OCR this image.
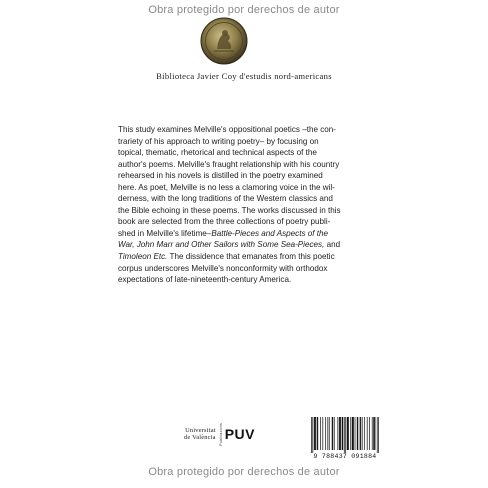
Obra protegido por derechos de autor
Biblioteca Javier Coy d'estudis nord-americans

This study examines Melville's oppositional poetics –the con-
trariety of his approach to writing poetry– by focusing on
topical, thematic, rhetorical and technical aspects of the
author's poems. Melville's fraught relationship with his country
rehearsed in his novels is distilled in the poetry examined
here. As poet, Melville is no less a clamoring voice in the wil-
derness, with the long traditions of the Western classics and
the Bible echoing in these poems. The works discussed in this
book are selected from the three collections of poetry publi-
shed in Melville's lifetime–Battle-Pieces and Aspects of the
War, John Marr and Other Sailors with Some Sea-Pieces, and
Timoleon Etc. The dissidence that emanates from this poetic
corpus underscores Melville's nonconformity with orthodox
expectations of late-nineteenth-century America.

Universitat
de València Publicacions PUV
9 788437 091884
Obra protegido por derechos de autor
